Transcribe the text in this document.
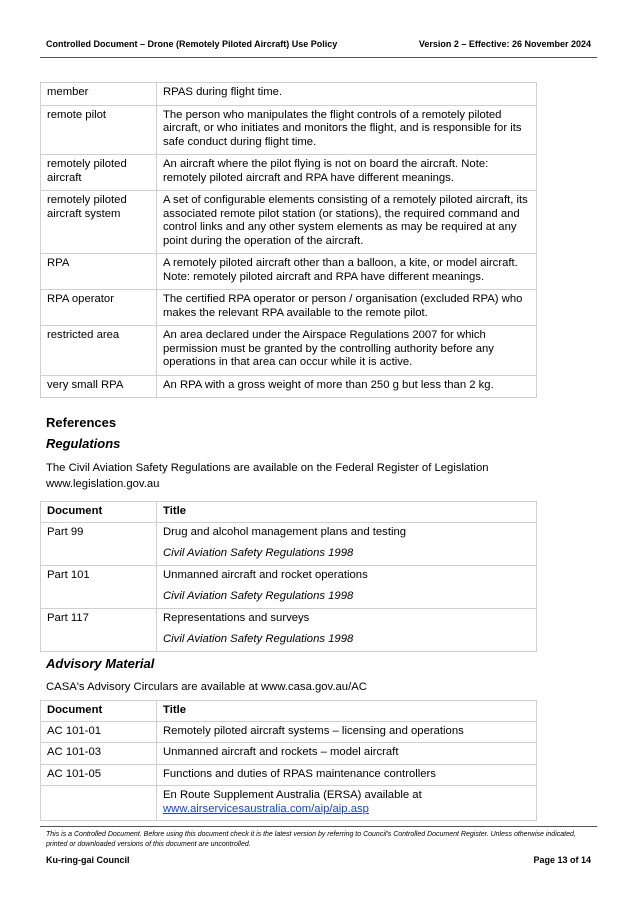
Controlled Document – Drone (Remotely Piloted Aircraft) Use Policy	Version 2 – Effective: 26 November 2024
member	RPAS during flight time.
remote pilot	The person who manipulates the flight controls of a remotely piloted aircraft, or who initiates and monitors the flight, and is responsible for its safe conduct during flight time.
remotely piloted aircraft	An aircraft where the pilot flying is not on board the aircraft. Note: remotely piloted aircraft and RPA have different meanings.
remotely piloted aircraft system	A set of configurable elements consisting of a remotely piloted aircraft, its associated remote pilot station (or stations), the required command and control links and any other system elements as may be required at any point during the operation of the aircraft.
RPA	A remotely piloted aircraft other than a balloon, a kite, or model aircraft. Note: remotely piloted aircraft and RPA have different meanings.
RPA operator	The certified RPA operator or person / organisation (excluded RPA) who makes the relevant RPA available to the remote pilot.
restricted area	An area declared under the Airspace Regulations 2007 for which permission must be granted by the controlling authority before any operations in that area can occur while it is active.
very small RPA	An RPA with a gross weight of more than 250 g but less than 2 kg.
References
Regulations
The Civil Aviation Safety Regulations are available on the Federal Register of Legislation www.legislation.gov.au
Document	Title
Part 99	Drug and alcohol management plans and testing
Civil Aviation Safety Regulations 1998

Part 101	Unmanned aircraft and rocket operations
Civil Aviation Safety Regulations 1998

Part 117	Representations and surveys
Civil Aviation Safety Regulations 1998
Advisory Material
CASA's Advisory Circulars are available at www.casa.gov.au/AC
Document	Title
AC 101-01	Remotely piloted aircraft systems – licensing and operations
AC 101-03	Unmanned aircraft and rockets – model aircraft
AC 101-05	Functions and duties of RPAS maintenance controllers
	En Route Supplement Australia (ERSA) available at
www.airservicesaustralia.com/aip/aip.asp
This is a Controlled Document. Before using this document check it is the latest version by referring to Council's Controlled Document Register. Unless otherwise indicated, printed or downloaded versions of this document are uncontrolled.
Ku-ring-gai Council	Page 13 of 14
